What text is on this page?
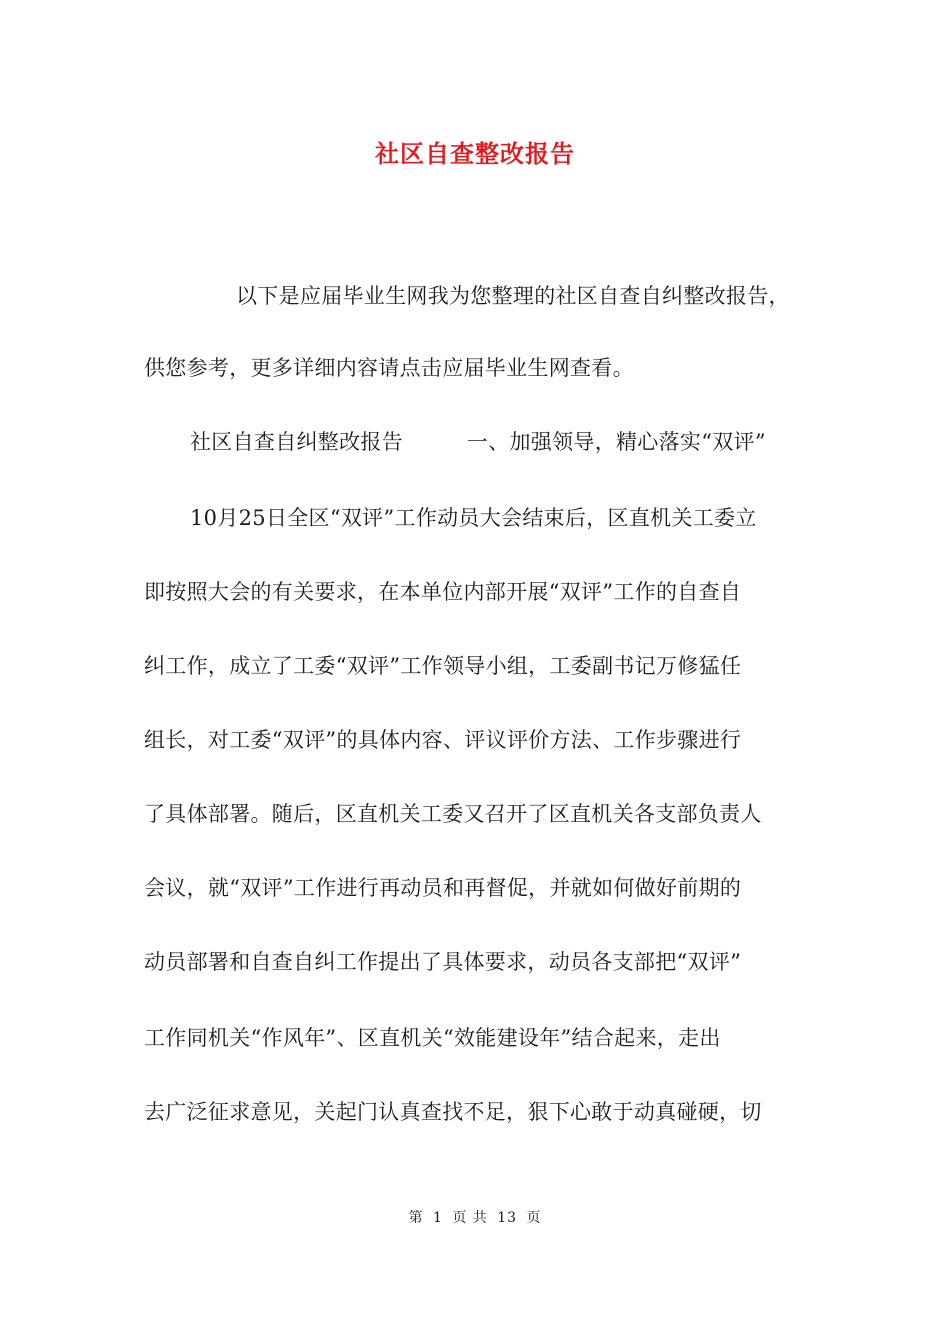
社区自查整改报告
以下是应届毕业生网我为您整理的社区自查自纠整改报告，
供您参考，更多详细内容请点击应届毕业生网查看。
社区自查自纠整改报告　　　一、加强领导，精心落实“双评”
10月25日全区“双评”工作动员大会结束后，区直机关工委立
即按照大会的有关要求，在本单位内部开展“双评”工作的自查自
纠工作，成立了工委“双评”工作领导小组，工委副书记万修猛任
组长，对工委“双评”的具体内容、评议评价方法、工作步骤进行
了具体部署。随后，区直机关工委又召开了区直机关各支部负责人
会议，就“双评”工作进行再动员和再督促，并就如何做好前期的
动员部署和自查自纠工作提出了具体要求，动员各支部把“双评”
工作同机关“作风年”、区直机关“效能建设年”结合起来，走出
去广泛征求意见，关起门认真查找不足，狠下心敢于动真碰硬，切
第 1 页 共 13 页
